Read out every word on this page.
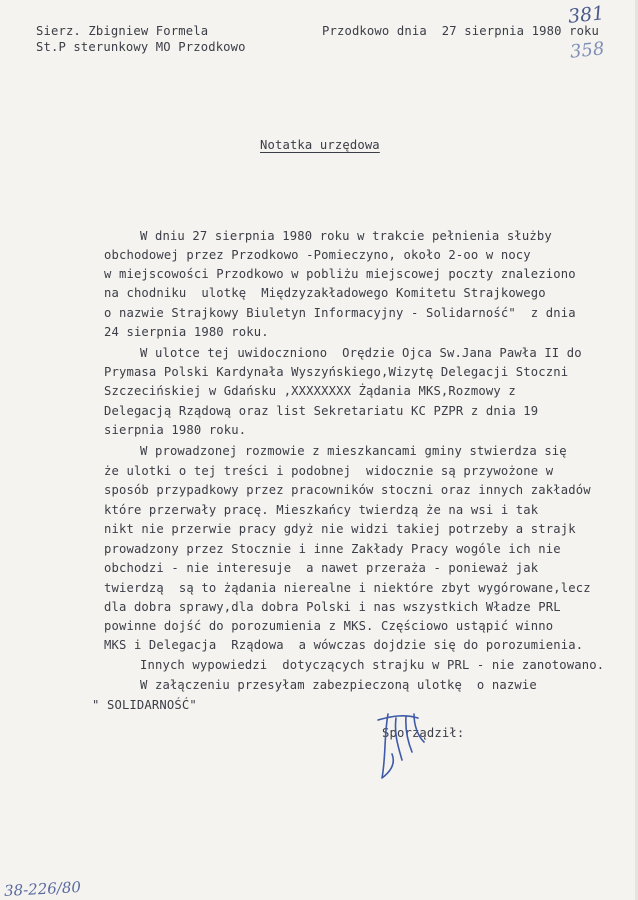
Sierz. Zbigniew Formela
St.P sterunkowy MO Przodkowo
Przodkowo dnia  27 sierpnia 1980 roku
381
358
Notatka urzędowa
W dniu 27 sierpnia 1980 roku w trakcie pełnienia służby
obchodowej przez Przodkowo -Pomieczyno, około 2-oo w nocy
w miejscowości Przodkowo w pobliżu miejscowej poczty znaleziono
na chodniku  ulotkę  Międzyzakładowego Komitetu Strajkowego
o nazwie Strajkowy Biuletyn Informacyjny - Solidarność"  z dnia
24 sierpnia 1980 roku.
W ulotce tej uwidoczniono  Orędzie Ojca Sw.Jana Pawła II do
Prymasa Polski Kardynała Wyszyńskiego,Wizytę Delegacji Stoczni
Szczecińskiej w Gdańsku ,XXXXXXXX Żądania MKS,Rozmowy z
Delegacją Rządową oraz list Sekretariatu KC PZPR z dnia 19
sierpnia 1980 roku.
W prowadzonej rozmowie z mieszkancami gminy stwierdza się
że ulotki o tej treści i podobnej  widocznie są przywożone w
sposób przypadkowy przez pracowników stoczni oraz innych zakładów
które przerwały pracę. Mieszkańcy twierdzą że na wsi i tak
nikt nie przerwie pracy gdyż nie widzi takiej potrzeby a strajk
prowadzony przez Stocznie i inne Zakłady Pracy wogóle ich nie
obchodzi - nie interesuje  a nawet przeraża - ponieważ jak
twierdzą  są to żądania nierealne i niektóre zbyt wygórowane,lecz
dla dobra sprawy,dla dobra Polski i nas wszystkich Władze PRL
powinne dojść do porozumienia z MKS. Częściowo ustąpić winno
MKS i Delegacja  Rządowa  a wówczas dojdzie się do porozumienia.
Innych wypowiedzi  dotyczących strajku w PRL - nie zanotowano.
W załączeniu przesyłam zabezpieczoną ulotkę  o nazwie
" SOLIDARNOŚĆ"
Sporządził:
38-226/80
